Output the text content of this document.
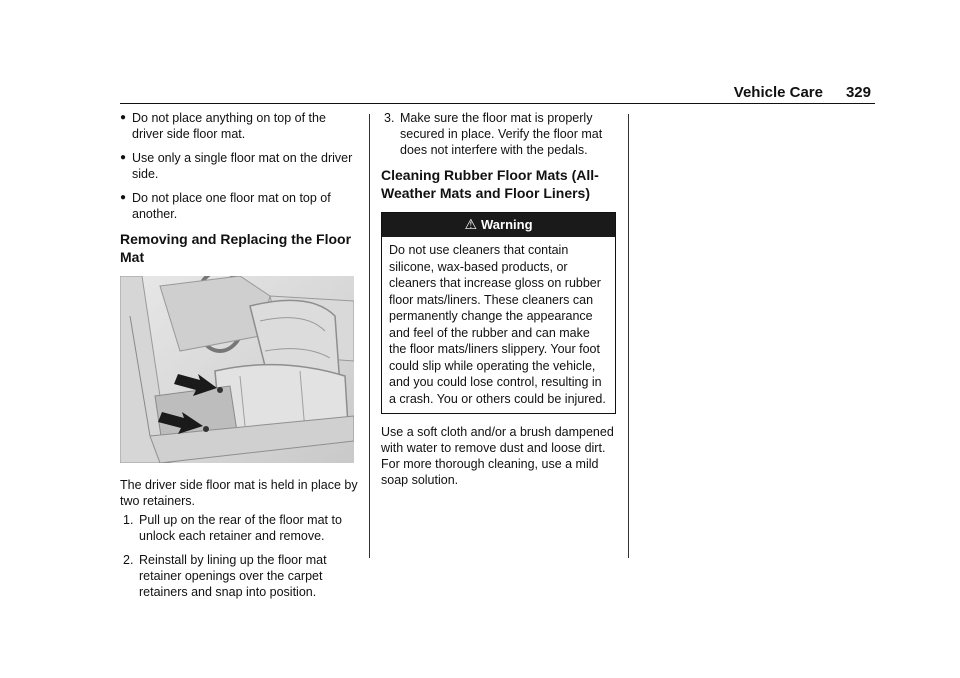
Vehicle Care 329
● Do not place anything on top of the driver side floor mat.
● Use only a single floor mat on the driver side.
● Do not place one floor mat on top of another.
Removing and Replacing the Floor Mat

The driver side floor mat is held in place by two retainers.

1. Pull up on the rear of the floor mat to unlock each retainer and remove.
2. Reinstall by lining up the floor mat retainer openings over the carpet retainers and snap into position.
3. Make sure the floor mat is properly secured in place. Verify the floor mat does not interfere with the pedals.
Cleaning Rubber Floor Mats (All-Weather Mats and Floor Liners)
⚠ Warning
Do not use cleaners that contain silicone, wax-based products, or cleaners that increase gloss on rubber floor mats/liners. These cleaners can permanently change the appearance and feel of the rubber and can make the floor mats/liners slippery. Your foot could slip while operating the vehicle, and you could lose control, resulting in a crash. You or others could be injured.

Use a soft cloth and/or a brush dampened with water to remove dust and loose dirt. For more thorough cleaning, use a mild soap solution.
